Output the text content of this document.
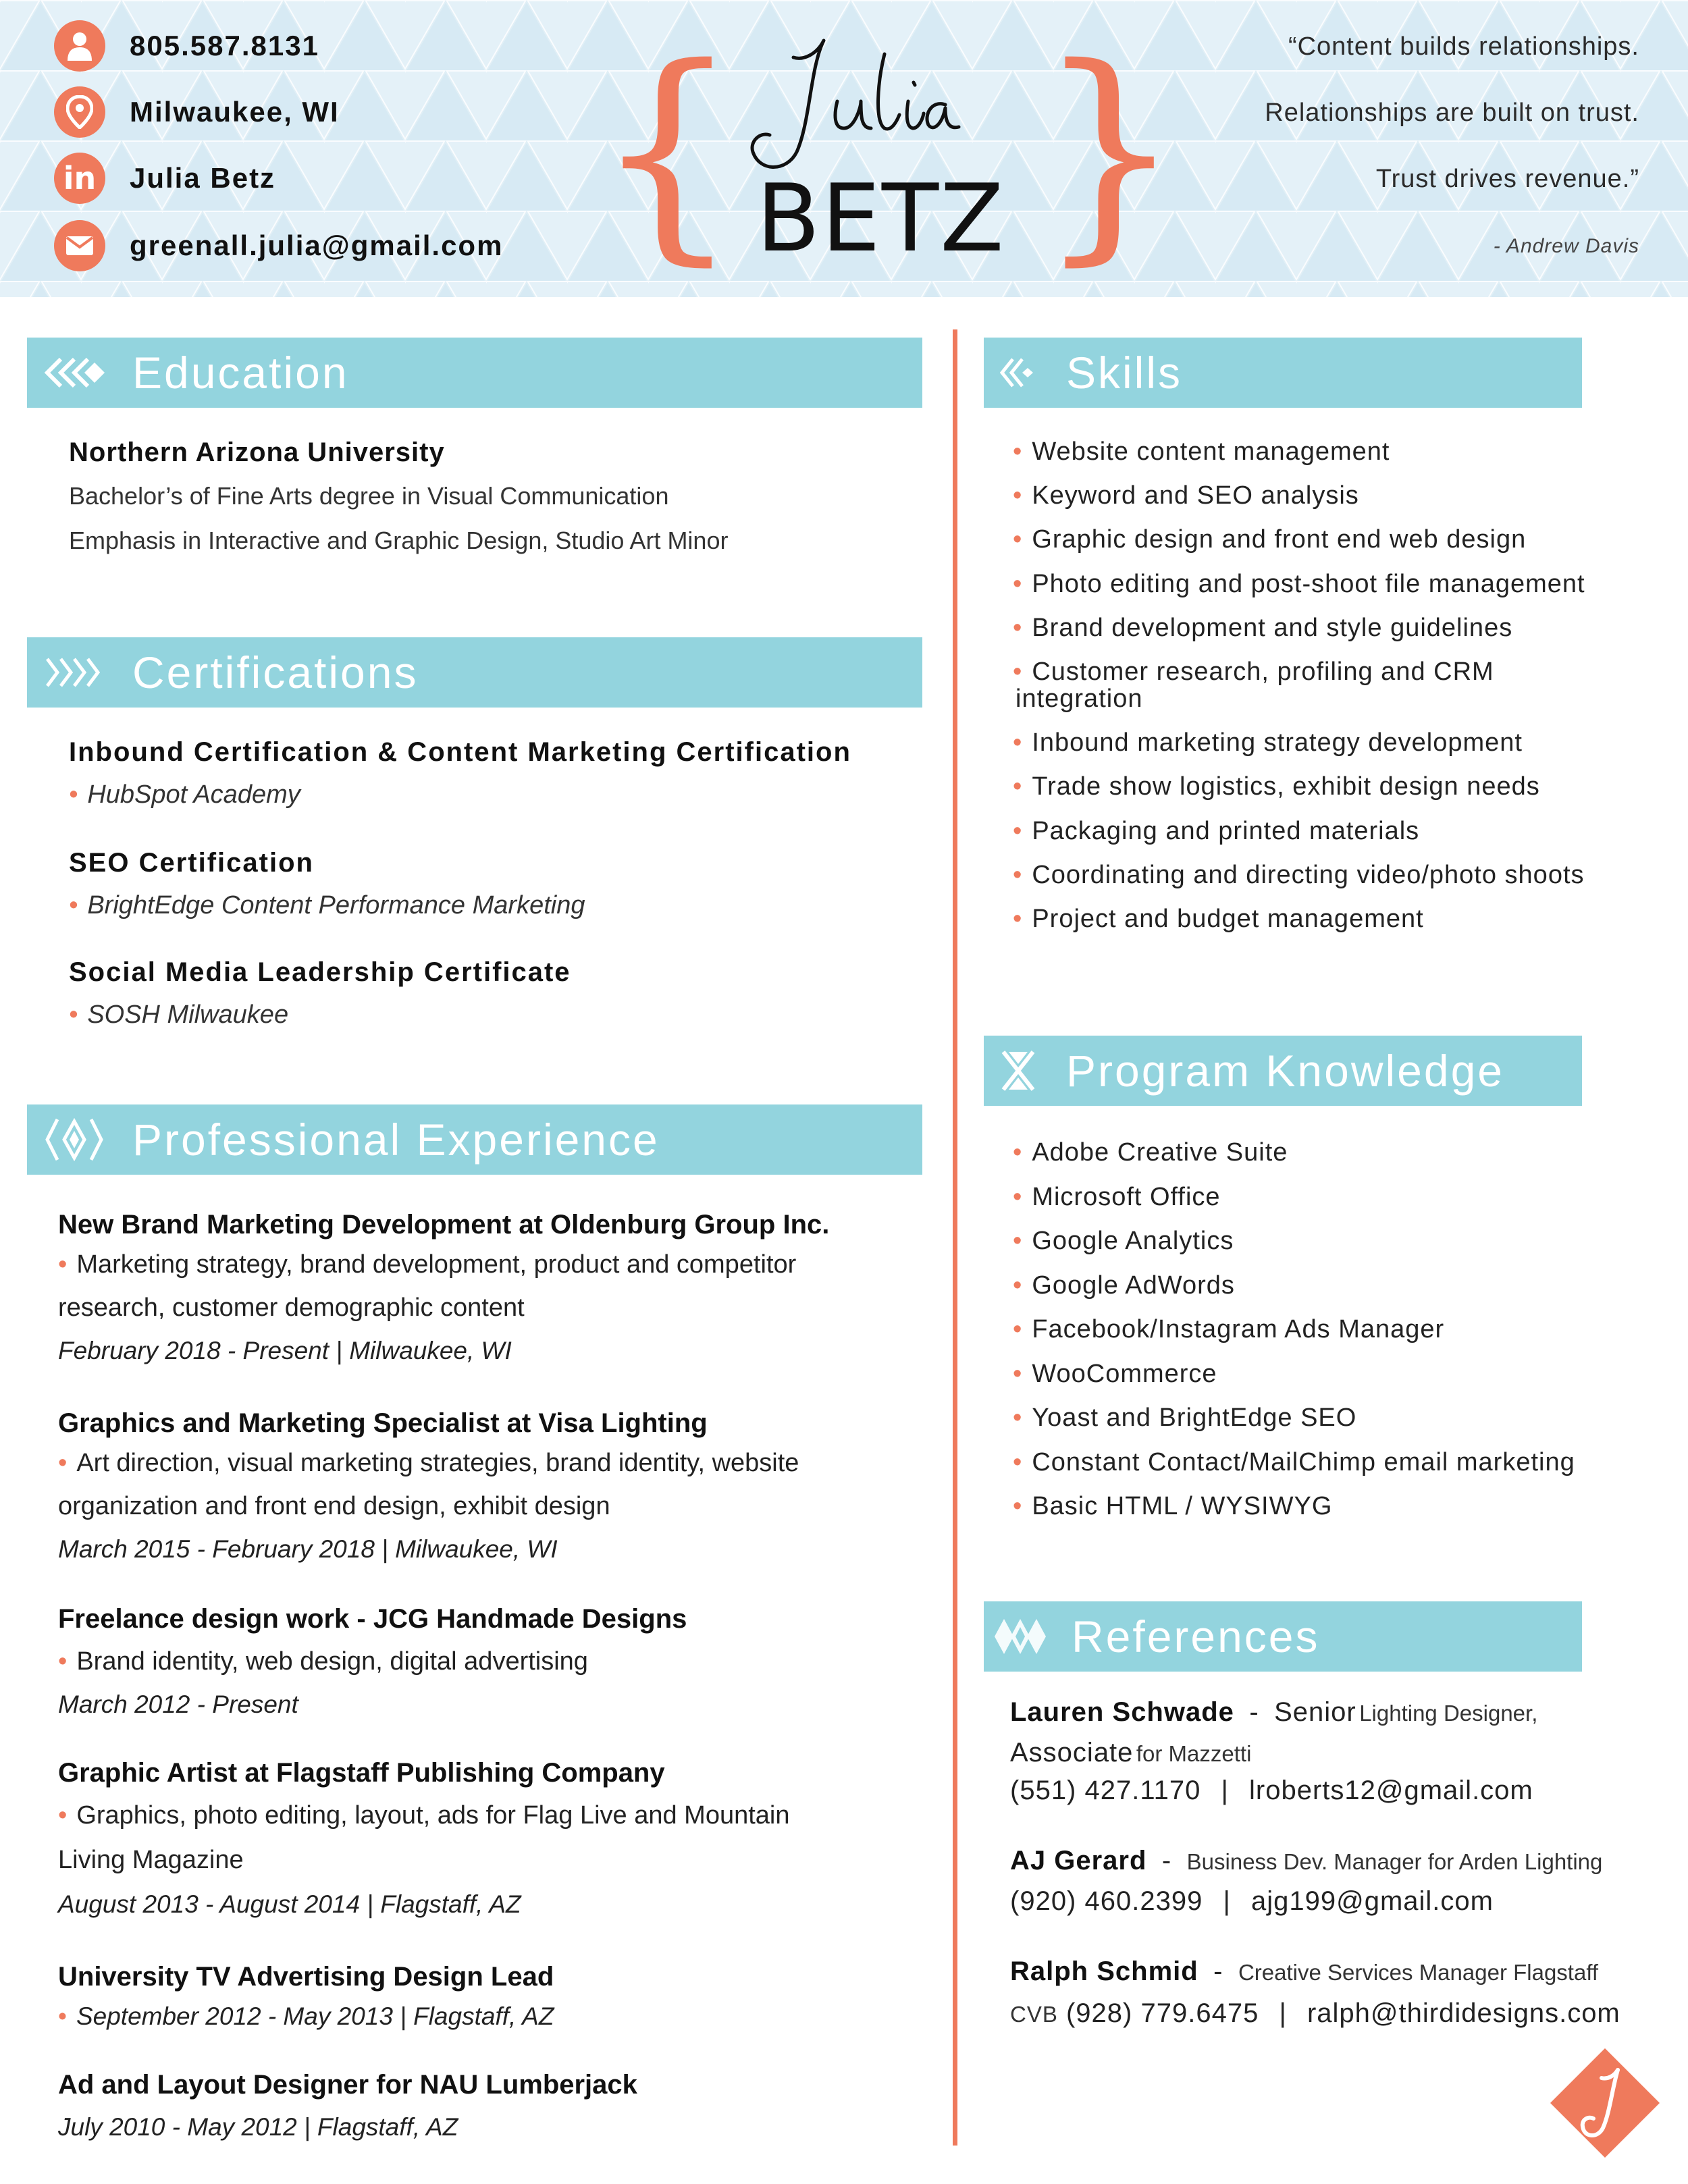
805.587.8131
Milwaukee, WI
in Julia Betz
greenall.julia@gmail.com { }
BETZ
“Content builds relationships.
Relationships are built on trust.
Trust drives revenue.”
- Andrew Davis
Education
Northern Arizona University
Bachelor’s of Fine Arts degree in Visual Communication
Emphasis in Interactive and Graphic Design, Studio Art Minor
Certifications
Inbound Certification & Content Marketing Certification
• HubSpot Academy
SEO Certification
• BrightEdge Content Performance Marketing
Social Media Leadership Certificate
• SOSH Milwaukee
Professional Experience
New Brand Marketing Development at Oldenburg Group Inc.
• Marketing strategy, brand development, product and competitor
research, customer demographic content
February 2018 - Present | Milwaukee, WI
Graphics and Marketing Specialist at Visa Lighting
• Art direction, visual marketing strategies, brand identity, website
organization and front end design, exhibit design
March 2015 - February 2018 | Milwaukee, WI
Freelance design work - JCG Handmade Designs
• Brand identity, web design, digital advertising
March 2012 - Present
Graphic Artist at Flagstaff Publishing Company
• Graphics, photo editing, layout, ads for Flag Live and Mountain
Living Magazine
August 2013 - August 2014 | Flagstaff, AZ
University TV Advertising Design Lead
• September 2012 - May 2013 | Flagstaff, AZ
Ad and Layout Designer for NAU Lumberjack
July 2010 - May 2012 | Flagstaff, AZ
Skills
• Website content management
• Keyword and SEO analysis
• Graphic design and front end web design
• Photo editing and post-shoot file management
• Brand development and style guidelines
• Customer research, profiling and CRM
integration
• Inbound marketing strategy development
• Trade show logistics, exhibit design needs
• Packaging and printed materials
• Coordinating and directing video/photo shoots
• Project and budget management
Program Knowledge
• Adobe Creative Suite
• Microsoft Office
• Google Analytics
• Google AdWords
• Facebook/Instagram Ads Manager
• WooCommerce
• Yoast and BrightEdge SEO
• Constant Contact/MailChimp email marketing
• Basic HTML / WYSIWYG
References
Lauren Schwade - Senior Lighting Designer,
Associate for Mazzetti
(551) 427.1170 | lroberts12@gmail.com
AJ Gerard - Business Dev. Manager for Arden Lighting
(920) 460.2399 | ajg199@gmail.com
Ralph Schmid - Creative Services Manager Flagstaff
CVB (928) 779.6475 | ralph@thirdidesigns.com
